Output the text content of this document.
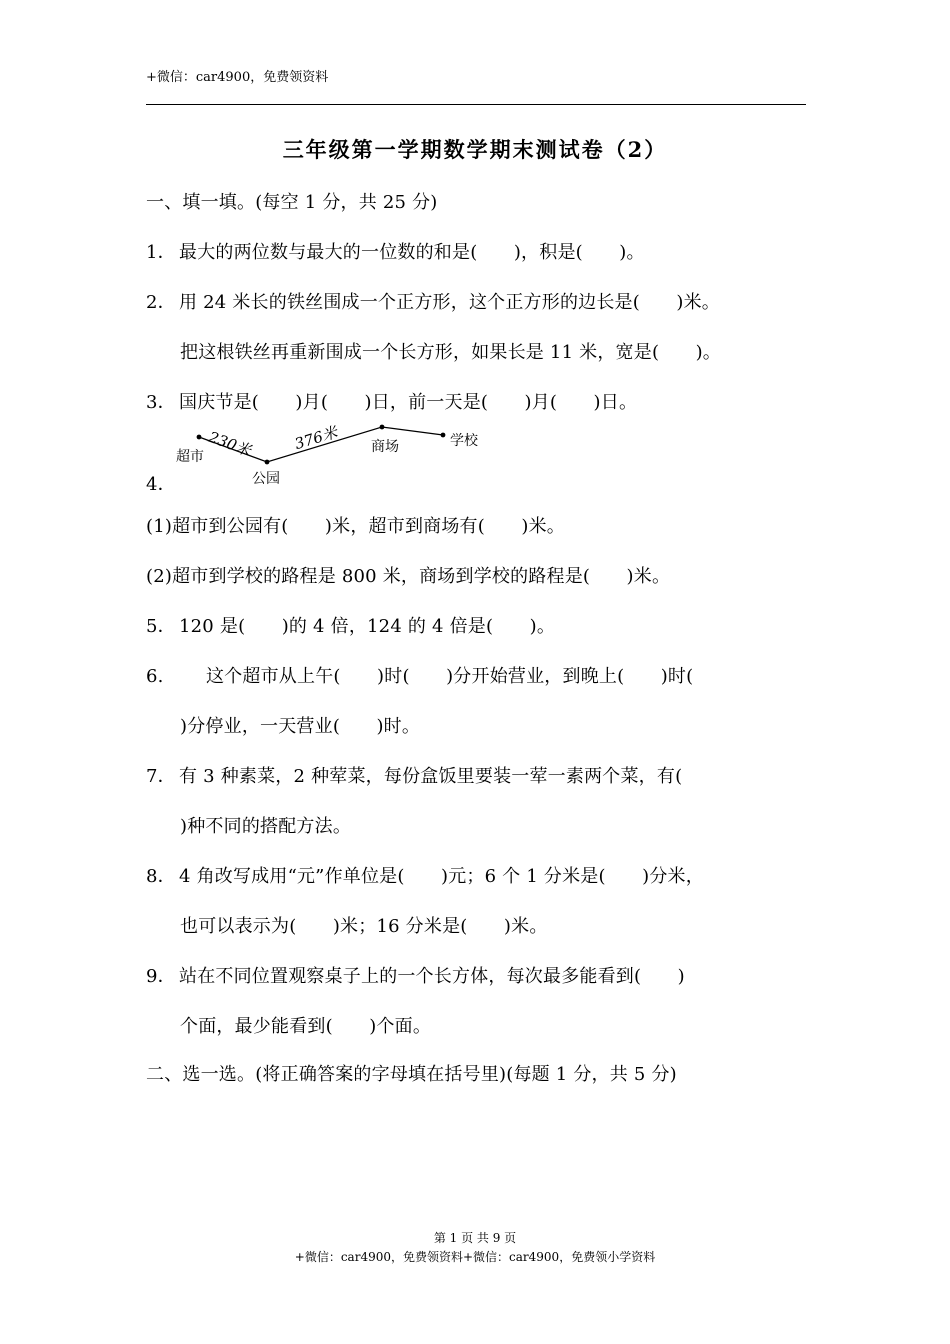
+微信：car4900，免费领资料
三年级第一学期数学期末测试卷（2）
一、填一填。(每空 1 分，共 25 分)
1． 最大的两位数与最大的一位数的和是(　　)，积是(　　)。
2． 用 24 米长的铁丝围成一个正方形，这个正方形的边长是(　　)米。
把这根铁丝再重新围成一个长方形，如果长是 11 米，宽是(　　)。
3． 国庆节是(　　)月(　　)日，前一天是(　　)月(　　)日。
超市
公园
商场	学校
230米	376米
4．
(1)超市到公园有(　　)米，超市到商场有(　　)米。
(2)超市到学校的路程是 800 米，商场到学校的路程是(　　)米。
5． 120 是(　　)的 4 倍，124 的 4 倍是(　　)。
6. 这个超市从上午(　　)时(　　)分开始营业，到晚上(　　)时(
)分停业，一天营业(　　)时。
7． 有 3 种素菜，2 种荤菜，每份盒饭里要装一荤一素两个菜，有(
)种不同的搭配方法。
8． 4 角改写成用“元”作单位是(　　)元；6 个 1 分米是(　　)分米，
也可以表示为(　　)米；16 分米是(　　)米。
9． 站在不同位置观察桌子上的一个长方体，每次最多能看到(　　)
个面，最少能看到(　　)个面。
二、选一选。(将正确答案的字母填在括号里)(每题 1 分，共 5 分)
第 1 页 共 9 页
+微信：car4900，免费领资料+微信：car4900，免费领小学资料
